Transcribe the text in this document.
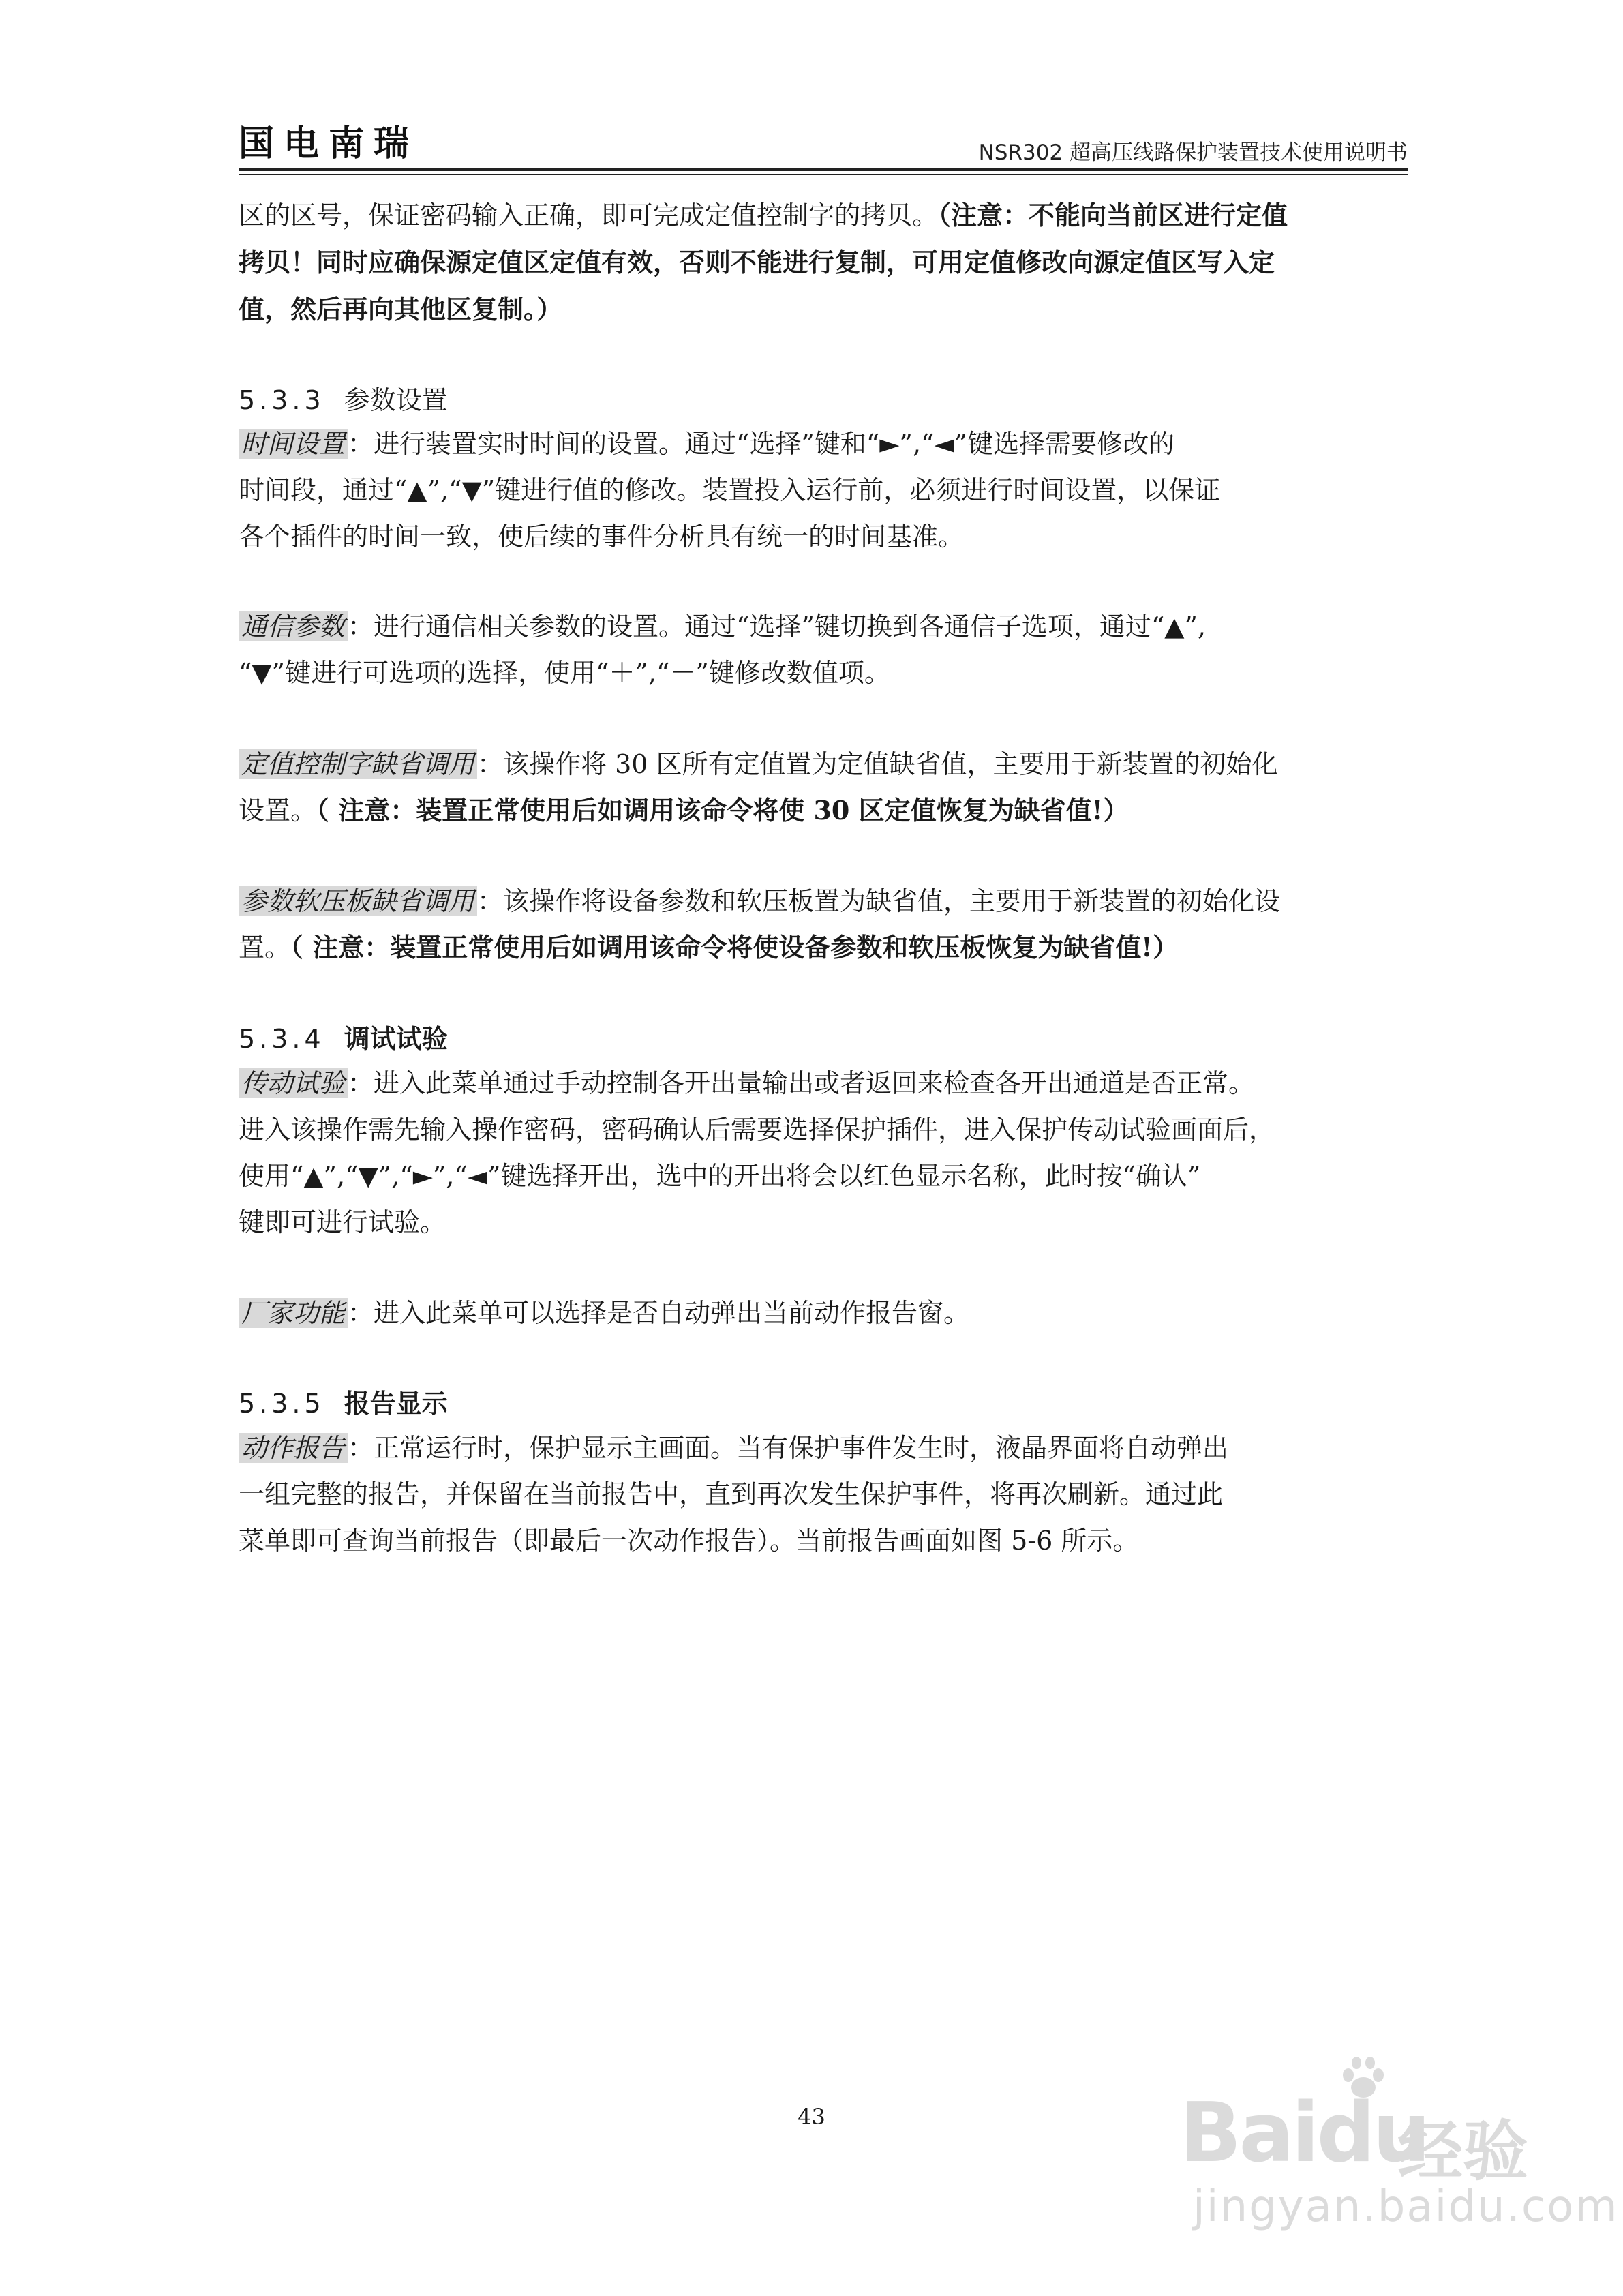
国电南瑞	NSR302 超高压线路保护装置技术使用说明书
区的区号，保证密码输入正确，即可完成定值控制字的拷贝。（注意：不能向当前区进行定值
拷贝！同时应确保源定值区定值有效，否则不能进行复制，可用定值修改向源定值区写入定
值，然后再向其他区复制。）
5.3.3 参数设置
时间设置 ：进行装置实时时间的设置。通过“选择”键和“►”,“◄”键选择需要修改的
时间段，通过“▲”,“▼”键进行值的修改。装置投入运行前，必须进行时间设置，以保证
各个插件的时间一致，使后续的事件分析具有统一的时间基准。
通信参数 ：进行通信相关参数的设置。通过“选择”键切换到各通信子选项，通过“▲”,
“▼”键进行可选项的选择，使用“＋”,“－”键修改数值项。
定值控制字缺省调用 ：该操作将 30 区所有定值置为定值缺省值，主要用于新装置的初始化
设置。（ 注意：装置正常使用后如调用该命令将使 30 区定值恢复为缺省值!）
参数软压板缺省调用 ：该操作将设备参数和软压板置为缺省值，主要用于新装置的初始化设
置。（ 注意：装置正常使用后如调用该命令将使设备参数和软压板恢复为缺省值!）
5.3.4 调试试验
传动试验 ：进入此菜单通过手动控制各开出量输出或者返回来检查各开出通道是否正常。
进入该操作需先输入操作密码，密码确认后需要选择保护插件，进入保护传动试验画面后，
使用“▲”,“▼”,“►”,“◄”键选择开出，选中的开出将会以红色显示名称，此时按“确认”
键即可进行试验。
厂家功能 ：进入此菜单可以选择是否自动弹出当前动作报告窗。
5.3.5 报告显示
动作报告 ：正常运行时，保护显示主画面。当有保护事件发生时，液晶界面将自动弹出
一组完整的报告，并保留在当前报告中，直到再次发生保护事件，将再次刷新。通过此
菜单即可查询当前报告（即最后一次动作报告）。当前报告画面如图 5-6 所示。
43	Baidu
经验
jingyan.baidu.com
